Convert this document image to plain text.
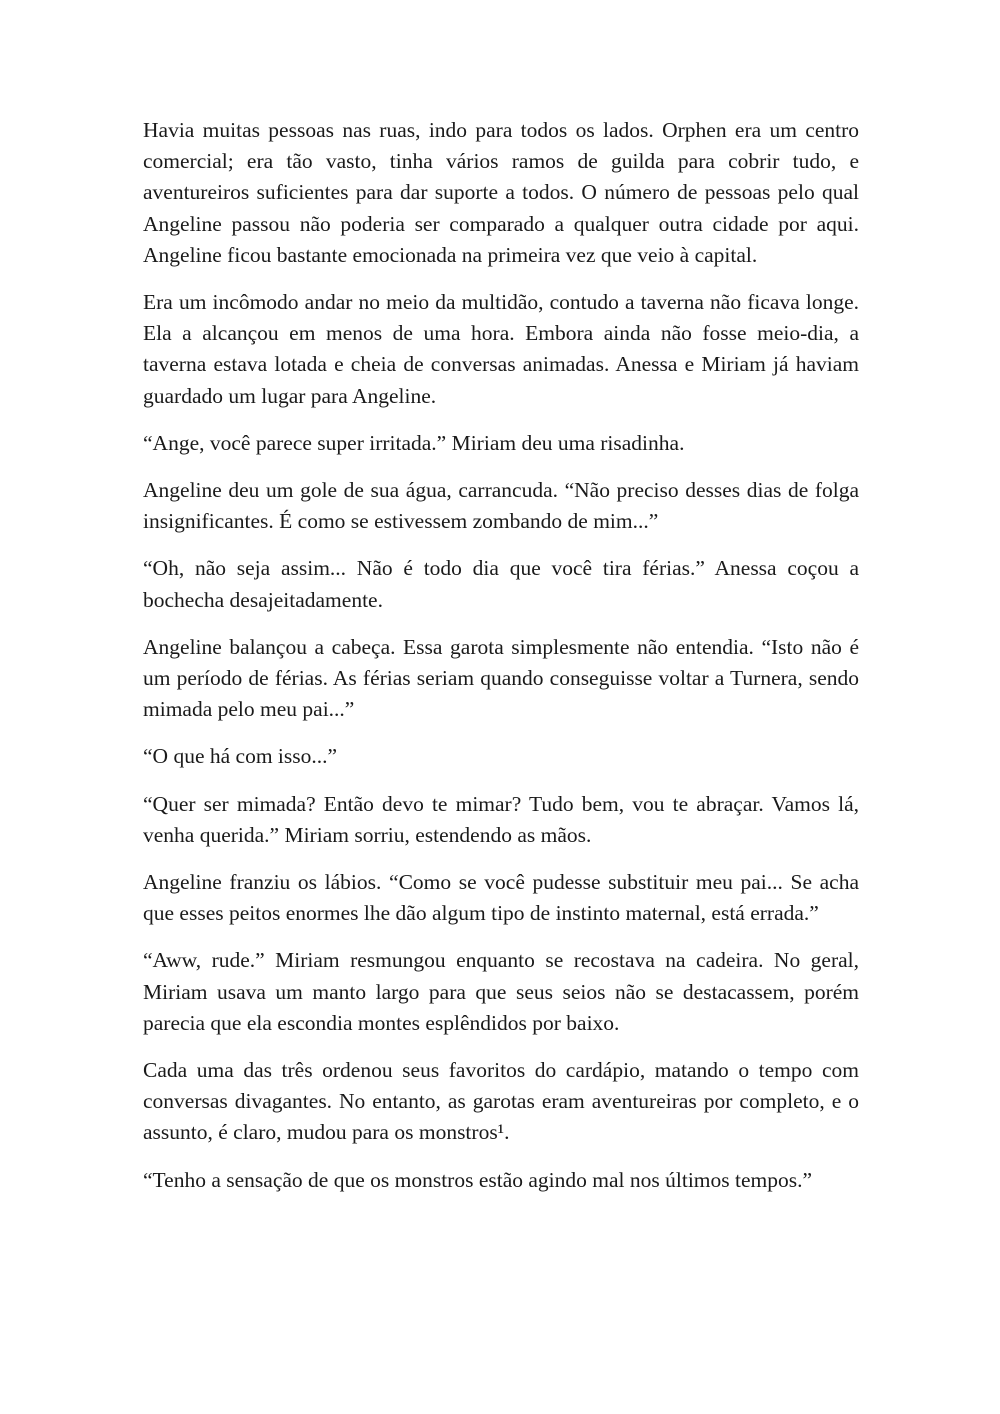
Havia muitas pessoas nas ruas, indo para todos os lados. Orphen era um centro comercial; era tão vasto, tinha vários ramos de guilda para cobrir tudo, e aventureiros suficientes para dar suporte a todos. O número de pessoas pelo qual Angeline passou não poderia ser comparado a qualquer outra cidade por aqui. Angeline ficou bastante emocionada na primeira vez que veio à capital.

Era um incômodo andar no meio da multidão, contudo a taverna não ficava longe. Ela a alcançou em menos de uma hora. Embora ainda não fosse meio-dia, a taverna estava lotada e cheia de conversas animadas. Anessa e Miriam já haviam guardado um lugar para Angeline.

“Ange, você parece super irritada.” Miriam deu uma risadinha.

Angeline deu um gole de sua água, carrancuda. “Não preciso desses dias de folga insignificantes. É como se estivessem zombando de mim...”

“Oh, não seja assim... Não é todo dia que você tira férias.” Anessa coçou a bochecha desajeitadamente.

Angeline balançou a cabeça. Essa garota simplesmente não entendia. “Isto não é um período de férias. As férias seriam quando conseguisse voltar a Turnera, sendo mimada pelo meu pai...”

“O que há com isso...”

“Quer ser mimada? Então devo te mimar? Tudo bem, vou te abraçar. Vamos lá, venha querida.” Miriam sorriu, estendendo as mãos.

Angeline franziu os lábios. “Como se você pudesse substituir meu pai... Se acha que esses peitos enormes lhe dão algum tipo de instinto maternal, está errada.”

“Aww, rude.” Miriam resmungou enquanto se recostava na cadeira. No geral, Miriam usava um manto largo para que seus seios não se destacassem, porém parecia que ela escondia montes esplêndidos por baixo.

Cada uma das três ordenou seus favoritos do cardápio, matando o tempo com conversas divagantes. No entanto, as garotas eram aventureiras por completo, e o assunto, é claro, mudou para os monstros¹.

“Tenho a sensação de que os monstros estão agindo mal nos últimos tempos.”
